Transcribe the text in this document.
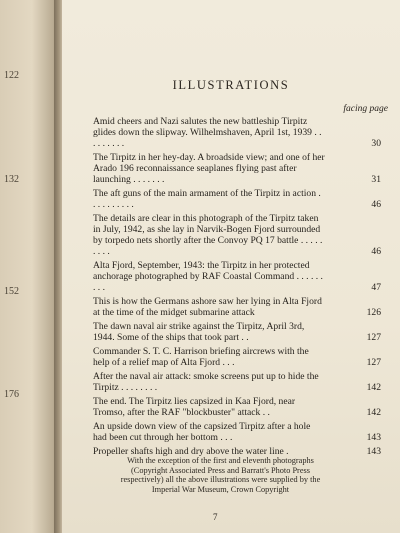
122
132
152
176
ILLUSTRATIONS
facing page
Amid cheers and Nazi salutes the new battleship Tirpitz glides down the slipway. Wilhelmshaven, April 1st, 1939 . . . . . . . . .	30
The Tirpitz in her hey-day. A broadside view; and one of her Arado 196 reconnaissance seaplanes flying past after launching . . . . . . .	31
The aft guns of the main armament of the Tirpitz in action . . . . . . . . . .	46
The details are clear in this photograph of the Tirpitz taken in July, 1942, as she lay in Narvik-Bogen Fjord surrounded by torpedo nets shortly after the Convoy PQ 17 battle . . . . . . . . .	46
Alta Fjord, September, 1943: the Tirpitz in her protected anchorage photographed by RAF Coastal Command . . . . . . . . .	47
This is how the Germans ashore saw her lying in Alta Fjord at the time of the midget submarine attack	126
The dawn naval air strike against the Tirpitz, April 3rd, 1944. Some of the ships that took part . .	127
Commander S. T. C. Harrison briefing aircrews with the help of a relief map of Alta Fjord . . .	127
After the naval air attack: smoke screens put up to hide the Tirpitz . . . . . . . .	142
The end. The Tirpitz lies capsized in Kaa Fjord, near Tromso, after the RAF "blockbuster" attack . .	142
An upside down view of the capsized Tirpitz after a hole had been cut through her bottom . . .	143
Propeller shafts high and dry above the water line .	143
With the exception of the first and eleventh photographs (Copyright Associated Press and Barratt's Photo Press respectively) all the above illustrations were supplied by the Imperial War Museum, Crown Copyright
7
